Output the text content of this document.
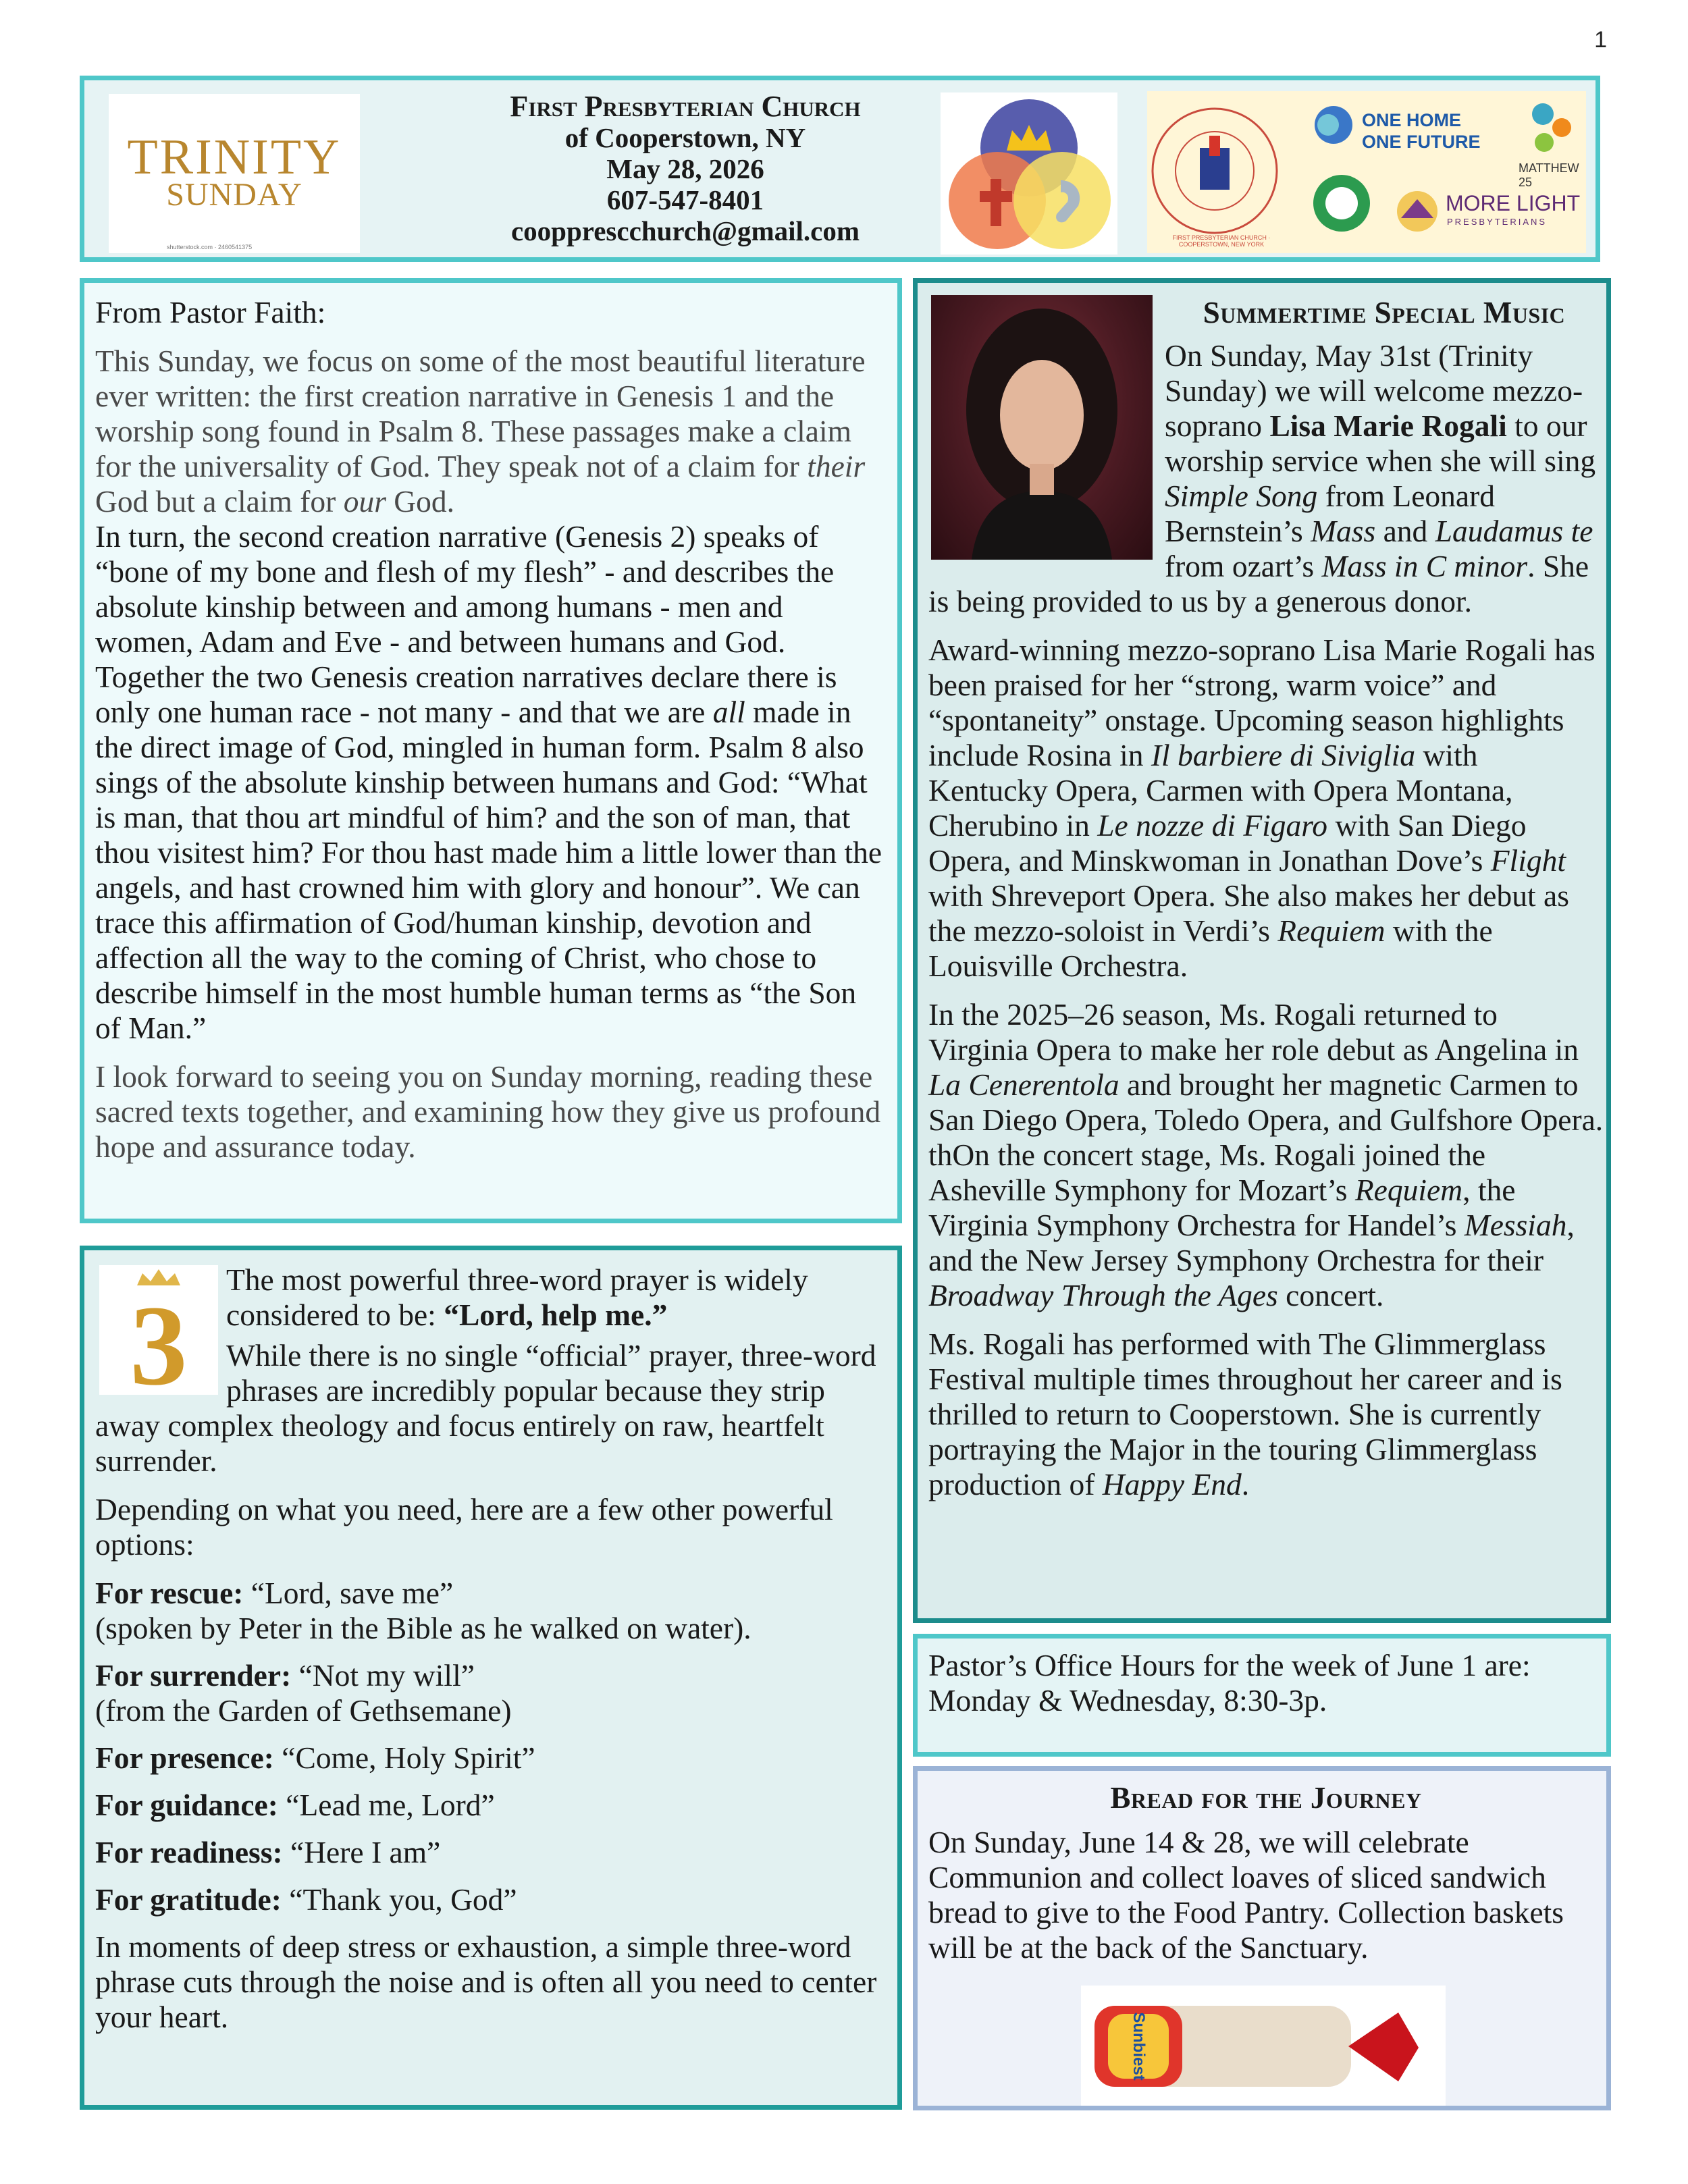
1
TRINITY
SUNDAY
shutterstock.com · 2460541375
First Presbyterian Church
of Cooperstown, NY
May 28, 2026
607-547-8401
coopprescchurch@gmail.com	FIRST PRESBYTERIAN CHURCH · COOPERSTOWN, NEW YORK
ONE HOME
ONE FUTURE
MATTHEW 25
MORE LIGHT
PRESBYTERIANS

From Pastor Faith:

This Sunday, we focus on some of the most beautiful literature ever written: the first creation narrative in Genesis 1 and the worship song found in Psalm 8. These passages make a claim for the universality of God. They speak not of a claim for their God but a claim for our God.
In turn, the second creation narrative (Genesis 2) speaks of “bone of my bone and flesh of my flesh” - and describes the absolute kinship between and among humans - men and women, Adam and Eve - and between humans and God. Together the two Genesis creation narratives declare there is only one human race - not many - and that we are all made in the direct image of God, mingled in human form. Psalm 8 also sings of the absolute kinship between humans and God: “What is man, that thou art mindful of him? and the son of man, that thou visitest him? For thou hast made him a little lower than the angels, and hast crowned him with glory and honour”. We can trace this affirmation of God/human kinship, devotion and affection all the way to the coming of Christ, who chose to describe himself in the most humble human terms as “the Son of Man.”

I look forward to seeing you on Sunday morning, reading these sacred texts together, and examining how they give us profound hope and assurance today.

3

The most powerful three-word prayer is widely considered to be: “Lord, help me.”

While there is no single “official” prayer, three-word phrases are incredibly popular because they strip away complex theology and focus entirely on raw, heartfelt surrender.

Depending on what you need, here are a few other powerful options:

For rescue: “Lord, save me”
(spoken by Peter in the Bible as he walked on water).

For surrender: “Not my will”
(from the Garden of Gethsemane)

For presence: “Come, Holy Spirit”

For guidance: “Lead me, Lord”

For readiness: “Here I am”

For gratitude: “Thank you, God”

In moments of deep stress or exhaustion, a simple three-word phrase cuts through the noise and is often all you need to center your heart.

Summertime Special Music

On Sunday, May 31st (Trinity Sunday) we will welcome mezzo-soprano Lisa Marie Rogali to our worship service when she will sing Simple Song from Leonard Bernstein’s Mass and Laudamus te from ozart’s Mass in C minor. She is being provided to us by a generous donor.

Award-winning mezzo-soprano Lisa Marie Rogali has been praised for her “strong, warm voice” and “spontaneity” onstage. Upcoming season highlights include Rosina in Il barbiere di Siviglia with Kentucky Opera, Carmen with Opera Montana, Cherubino in Le nozze di Figaro with San Diego Opera, and Minskwoman in Jonathan Dove’s Flight with Shreveport Opera. She also makes her debut as the mezzo-soloist in Verdi’s Requiem with the Louisville Orchestra.

In the 2025–26 season, Ms. Rogali returned to Virginia Opera to make her role debut as Angelina in La Cenerentola and brought her magnetic Carmen to San Diego Opera, Toledo Opera, and Gulfshore Opera. thOn the concert stage, Ms. Rogali joined the Asheville Symphony for Mozart’s Requiem, the Virginia Symphony Orchestra for Handel’s Messiah, and the New Jersey Symphony Orchestra for their Broadway Through the Ages concert.

Ms. Rogali has performed with The Glimmerglass Festival multiple times throughout her career and is thrilled to return to Cooperstown. She is currently portraying the Major in the touring Glimmerglass production of Happy End.

Pastor’s Office Hours for the week of June 1 are:
Monday & Wednesday, 8:30-3p.
Bread for the Journey

On Sunday, June 14 & 28, we will celebrate Communion and collect loaves of sliced sandwich bread to give to the Food Pantry. Collection baskets will be at the back of the Sanctuary.

Sunbiest
